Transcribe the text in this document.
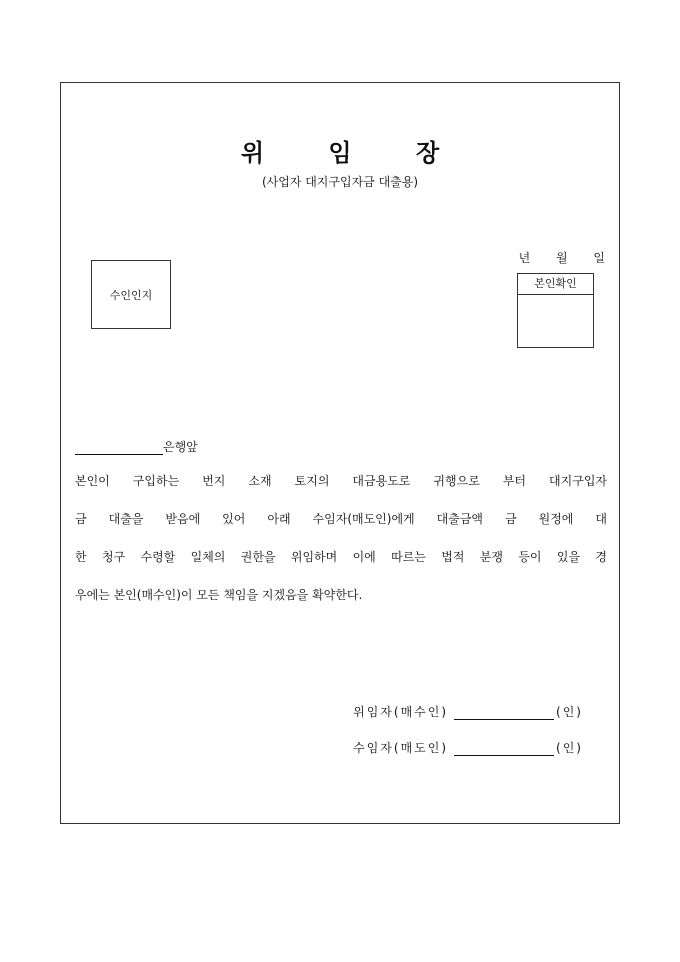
위 임 장
(사업자 대지구입자금 대출용)
년 월 일
수인인지
본인확인
은행앞
본인이 구입하는 번지 소재 토지의 대금용도로 귀행으로 부터 대지구입자
금 대출을 받음에 있어 아래 수임자(매도인)에게 대출금액 금 원정에 대
한 청구 수령할 일체의 권한을 위임하며 이에 따르는 법적 분쟁 등이 있을 경
우에는 본인(매수인)이 모든 책임을 지겠음을 확약한다.
위임자(매수인)	(인)
수임자(매도인)	(인)
